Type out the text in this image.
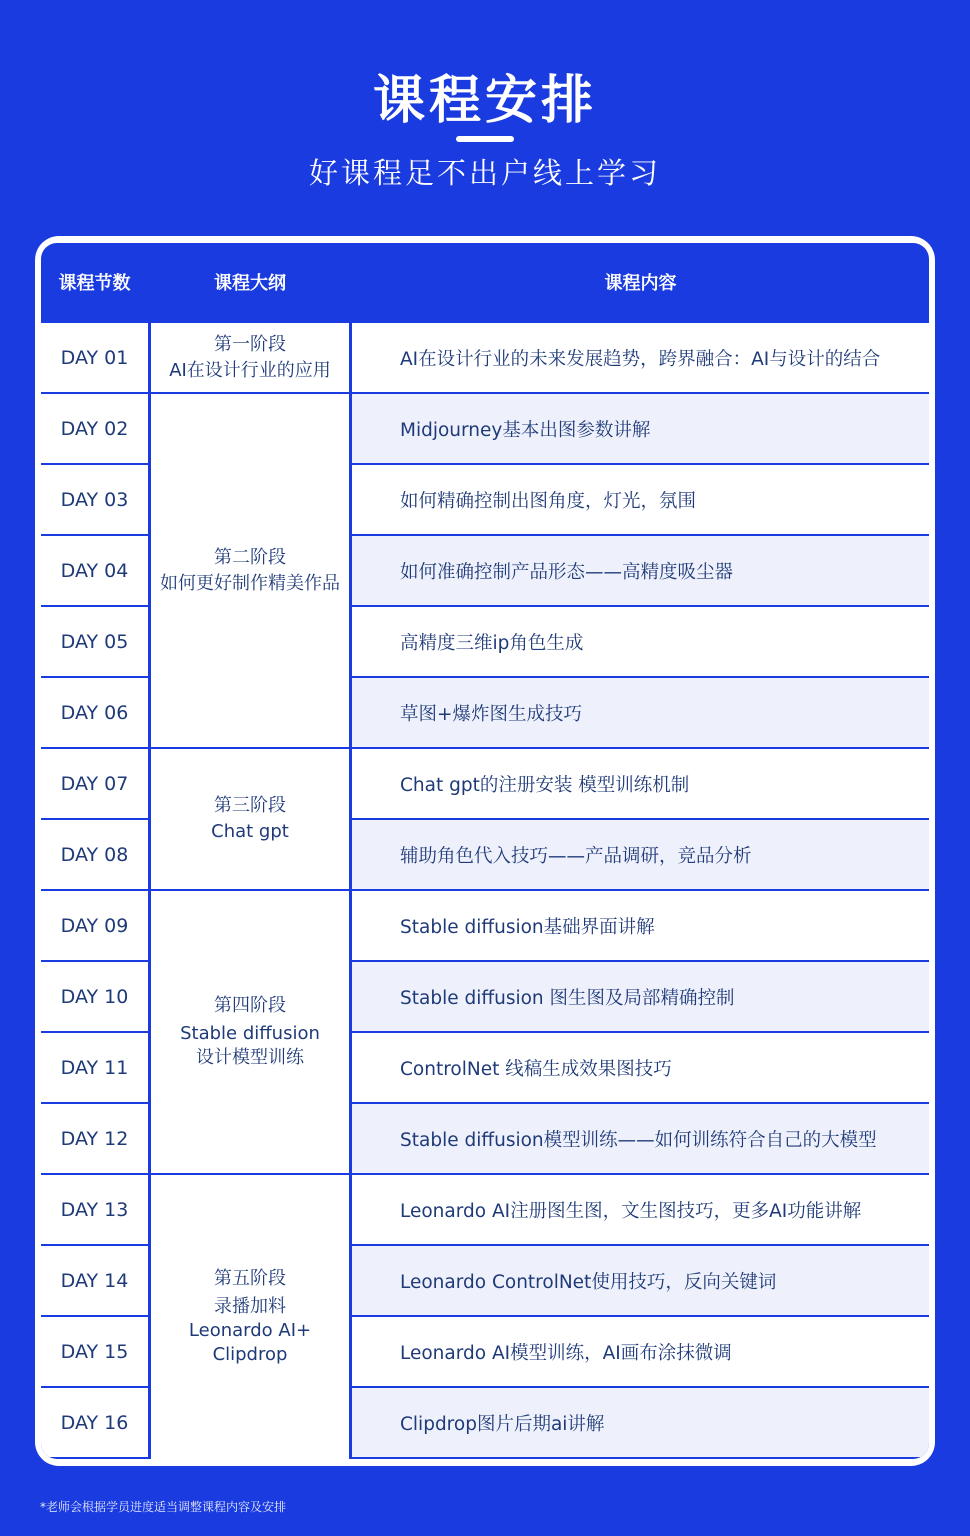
课程安排
好课程足不出户线上学习
课程节数	课程大纲	课程内容
DAY 01
DAY 02
DAY 03
DAY 04
DAY 05
DAY 06
DAY 07
DAY 08
DAY 09
DAY 10
DAY 11
DAY 12
DAY 13
DAY 14
DAY 15
DAY 16
AI在设计行业的未来发展趋势，跨界融合：AI与设计的结合
Midjourney基本出图参数讲解
如何精确控制出图角度，灯光，氛围
如何准确控制产品形态——高精度吸尘器
高精度三维ip角色生成
草图+爆炸图生成技巧
Chat gpt的注册安装 模型训练机制
辅助角色代入技巧——产品调研，竞品分析
Stable diffusion基础界面讲解
Stable diffusion 图生图及局部精确控制
ControlNet 线稿生成效果图技巧
Stable diffusion模型训练——如何训练符合自己的大模型
Leonardo AI注册图生图，文生图技巧，更多AI功能讲解
Leonardo ControlNet使用技巧，反向关键词
Leonardo AI模型训练，AI画布涂抹微调
Clipdrop图片后期ai讲解
第一阶段
AI在设计行业的应用
第二阶段
如何更好制作精美作品
第三阶段
Chat gpt
第四阶段
Stable diffusion
设计模型训练
第五阶段
录播加料
Leonardo AI+
Clipdrop
*老师会根据学员进度适当调整课程内容及安排
